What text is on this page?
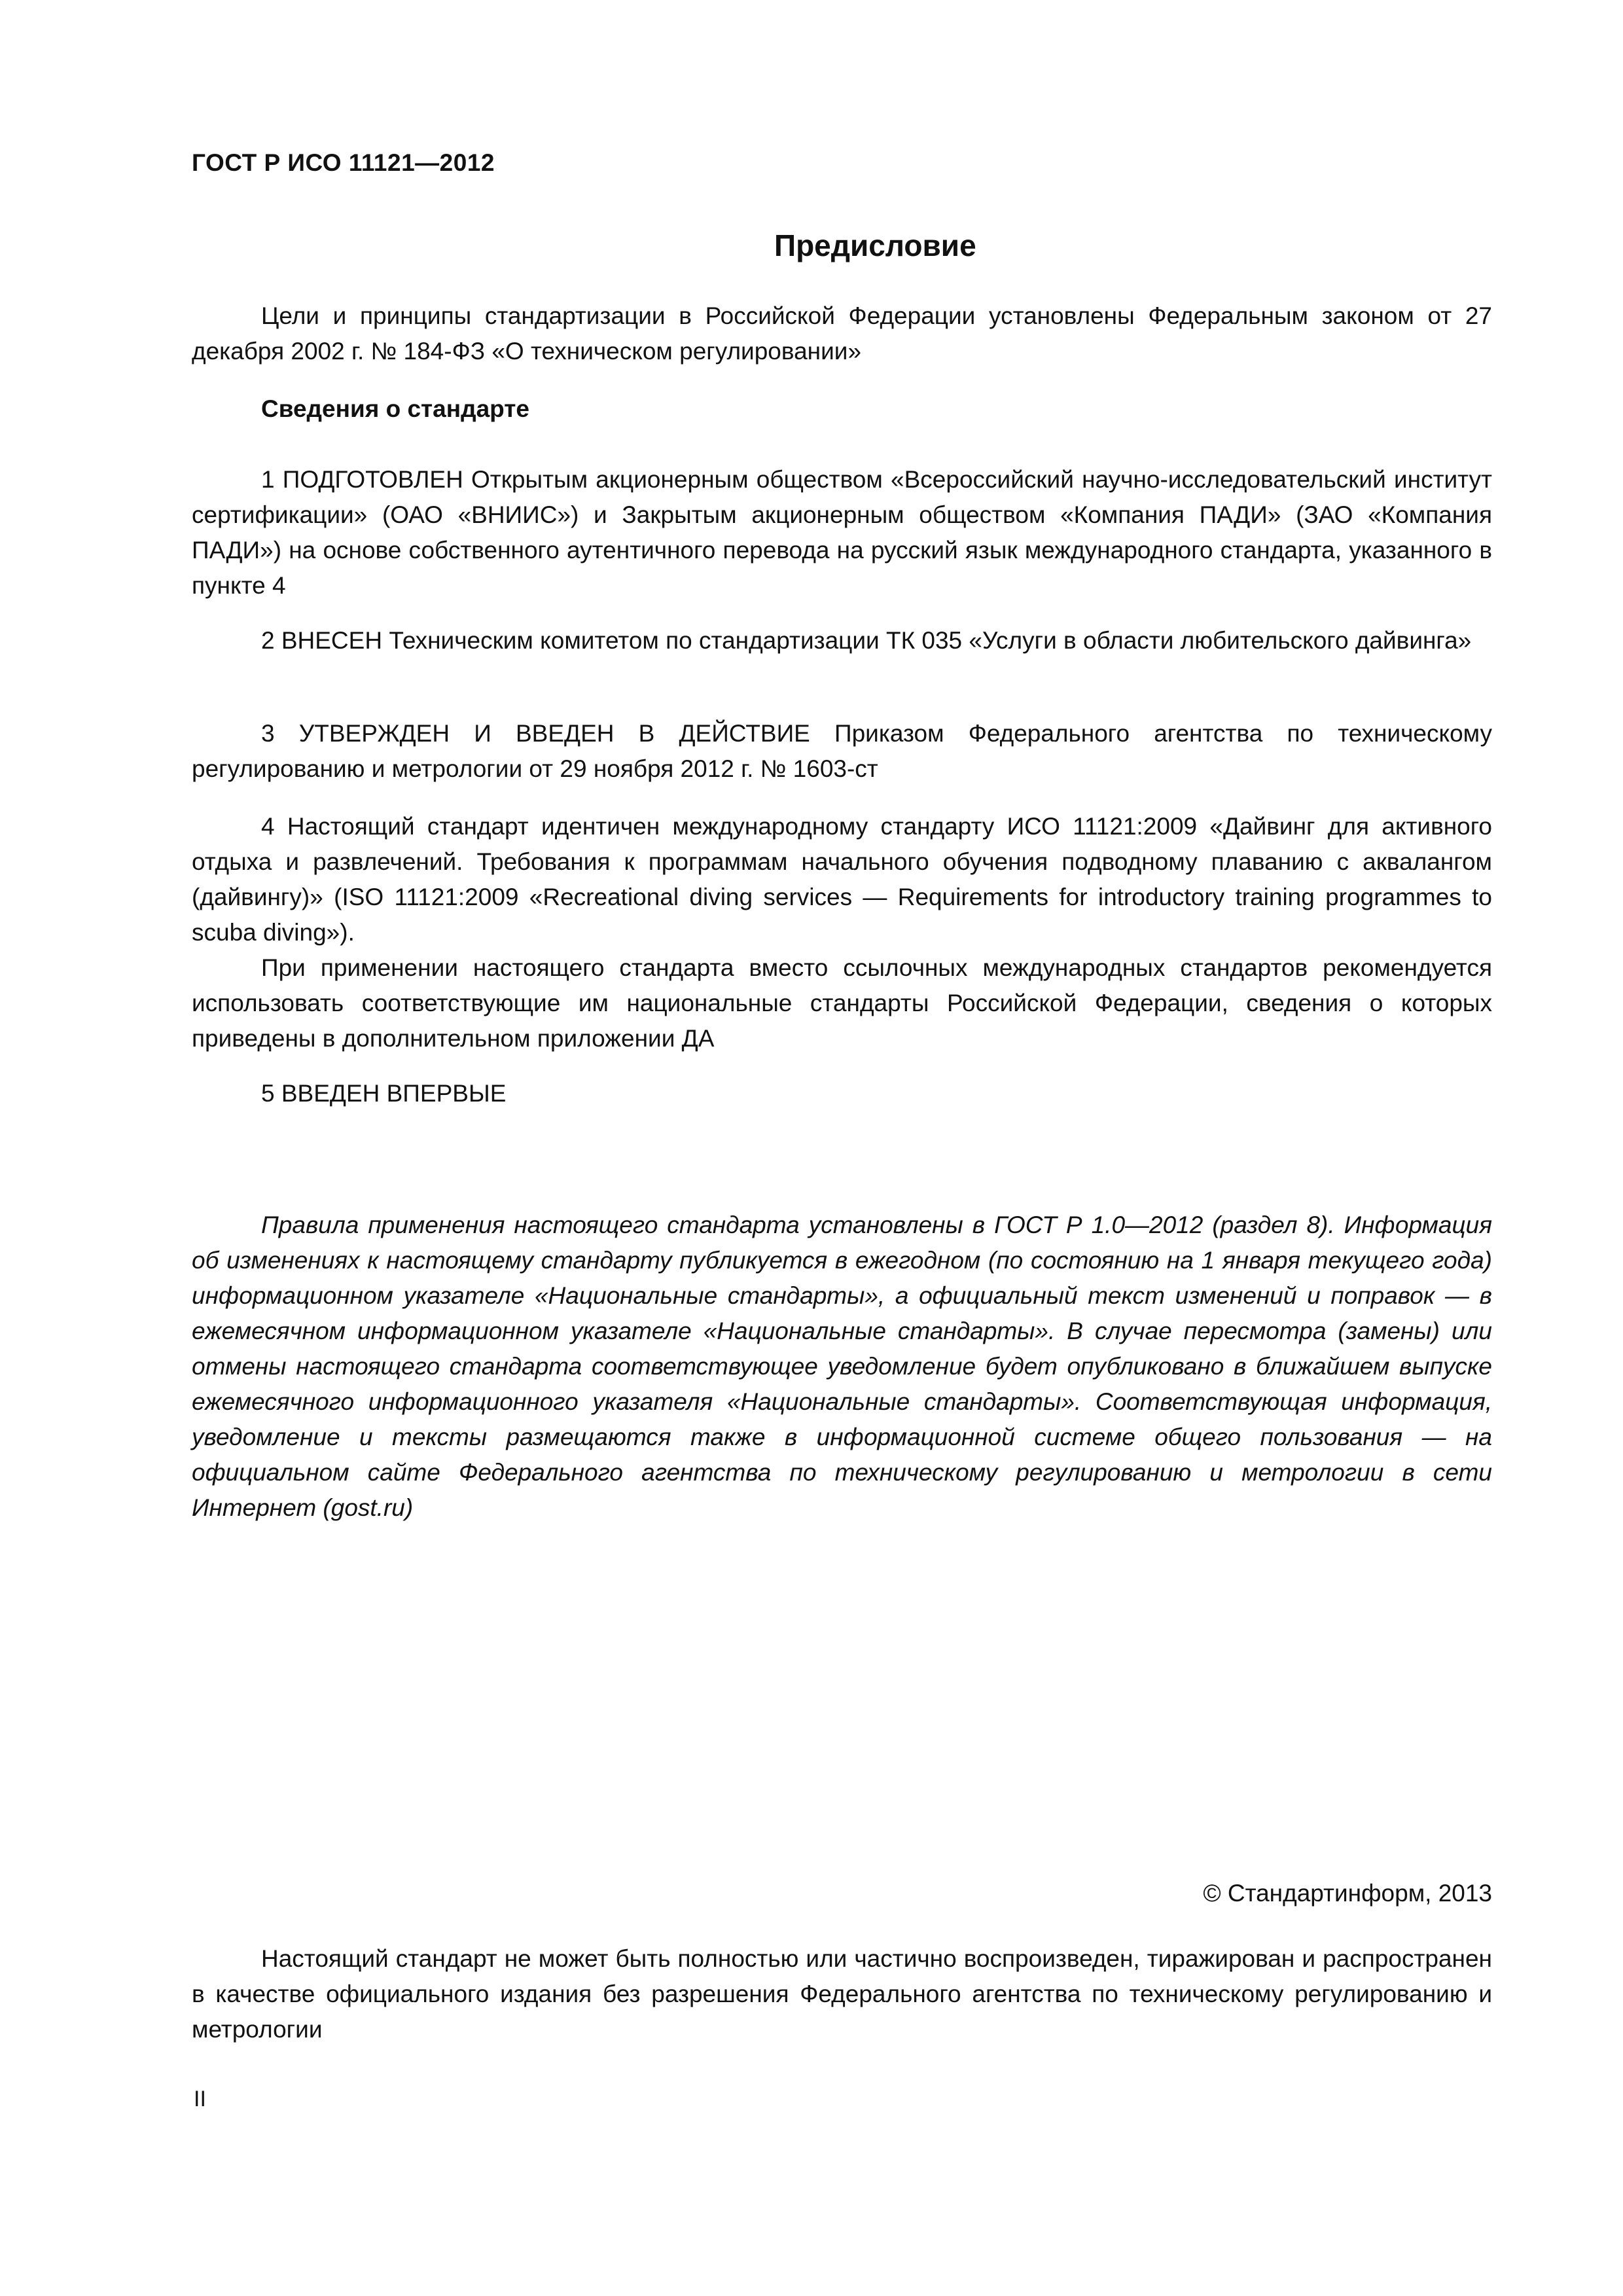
ГОСТ Р ИСО 11121—2012
Предисловие

Цели и принципы стандартизации в Российской Федерации установлены Федеральным законом от 27 декабря 2002 г. № 184-ФЗ «О техническом регулировании»

Сведения о стандарте

1 ПОДГОТОВЛЕН Открытым акционерным обществом «Всероссийский научно-исследовательский институт сертификации» (ОАО «ВНИИС») и Закрытым акционерным обществом «Компания ПАДИ» (ЗАО «Компания ПАДИ») на основе собственного аутентичного перевода на русский язык международного стандарта, указанного в пункте 4

2 ВНЕСЕН Техническим комитетом по стандартизации ТК 035 «Услуги в области любительского дайвинга»

3 УТВЕРЖДЕН И ВВЕДЕН В ДЕЙСТВИЕ Приказом Федерального агентства по техническому регулированию и метрологии от 29 ноября 2012 г. № 1603-ст

4 Настоящий стандарт идентичен международному стандарту ИСО 11121:2009 «Дайвинг для активного отдыха и развлечений. Требования к программам начального обучения подводному плаванию с аквалангом (дайвингу)» (ISO 11121:2009 «Recreational diving services — Requirements for introductory training programmes to scuba diving»).

При применении настоящего стандарта вместо ссылочных международных стандартов рекомендуется использовать соответствующие им национальные стандарты Российской Федерации, сведения о которых приведены в дополнительном приложении ДА

5 ВВЕДЕН ВПЕРВЫЕ

Правила применения настоящего стандарта установлены в ГОСТ Р 1.0—2012 (раздел 8). Информация об изменениях к настоящему стандарту публикуется в ежегодном (по состоянию на 1 января текущего года) информационном указателе «Национальные стандарты», а официальный текст изменений и поправок — в ежемесячном информационном указателе «Национальные стандарты». В случае пересмотра (замены) или отмены настоящего стандарта соответствующее уведомление будет опубликовано в ближайшем выпуске ежемесячного информационного указателя «Национальные стандарты». Соответствующая информация, уведомление и тексты размещаются также в информационной системе общего пользования — на официальном сайте Федерального агентства по техническому регулированию и метрологии в сети Интернет (gost.ru)

© Стандартинформ, 2013

Настоящий стандарт не может быть полностью или частично воспроизведен, тиражирован и распространен в качестве официального издания без разрешения Федерального агентства по техническому регулированию и метрологии

II
